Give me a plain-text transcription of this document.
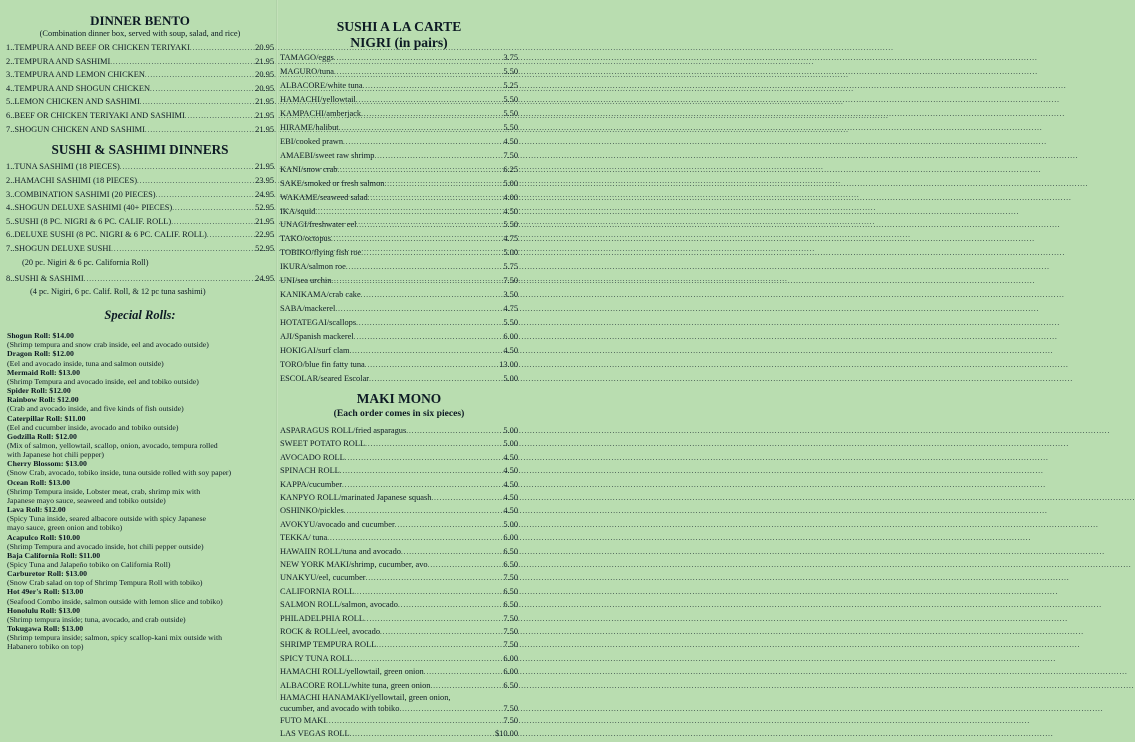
DINNER BENTO
(Combination dinner box, served with soup, salad, and rice)
1..TEMPURA AND BEEF OR CHICKEN TERIYAKI .....	20.95
2..TEMPURA AND SASHIMI .....	21.95
3..TEMPURA AND LEMON CHICKEN .....	20.95
4..TEMPURA AND SHOGUN CHICKEN .....	20.95
5..LEMON CHICKEN AND SASHIMI .....	21.95
6..BEEF OR CHICKEN TERIYAKI AND SASHIMI .....	21.95
7..SHOGUN CHICKEN AND SASHIMI .....	21.95
SUSHI & SASHIMI DINNERS
1..TUNA SASHIMI (18 PIECES) .....	21.95
2..HAMACHI SASHIMI (18 PIECES) .....	23.95
3..COMBINATION SASHIMI (20 PIECES) .....	24.95
4..SHOGUN DELUXE SASHIMI (40+ PIECES) .....	52.95
5..SUSHI (8 PC. NIGRI & 6 PC. CALIF. ROLL) .....	21.95
6..DELUXE SUSHI (8 PC. NIGRI & 6 PC. CALIF. ROLL) .....	22.95
7..SHOGUN DELUXE SUSHI .....	52.95
(20 pc. Nigiri & 6 pc. California Roll)
8..SUSHI & SASHIMI .....	24.95
(4 pc. Nigiri, 6 pc. Calif. Roll, & 12 pc tuna sashimi)
Special Rolls:
Shogun Roll: $14.00
(Shrimp tempura and snow crab inside, eel and avocado outside)
Dragon Roll: $12.00
(Eel and avocado inside, tuna and salmon outside)
Mermaid Roll: $13.00
(Shrimp Tempura and avocado inside, eel and tobiko outside)
Spider Roll: $12.00
Rainbow Roll: $12.00
(Crab and avocado inside, and five kinds of fish outside)
Caterpillar Roll: $11.00
(Eel and cucumber inside, avocado and tobiko outside)
Godzilla Roll: $12.00
(Mix of salmon, yellowtail, scallop, onion, avocado, tempura rolled
with Japanese hot chili pepper)
Cherry Blossom: $13.00
(Snow Crab, avocado, tobiko inside, tuna outside rolled with soy paper)
Ocean Roll: $13.00
(Shrimp Tempura inside, Lobster meat, crab, shrimp mix with
Japanese mayo sauce, seaweed and tobiko outside)
Lava Roll: $12.00
(Spicy Tuna inside, seared albacore outside with spicy Japanese
mayo sauce, green onion and tobiko)
Acapulco Roll: $10.00
(Shrimp Tempura and avocado inside, hot chili pepper outside)
Baja California Roll: $11.00
(Spicy Tuna and Jalapeño tobiko on California Roll)
Carburetor Roll: $13.00
(Snow Crab salad on top of Shrimp Tempura Roll with tobiko)
Hot 49er's Roll: $13.00
(Seafood Combo inside, salmon outside with lemon slice and tobiko)
Honolulu Roll: $13.00
(Shrimp tempura inside; tuna, avocado, and crab outside)
Tokugawa Roll: $13.00
(Shrimp tempura inside; salmon, spicy scallop-kani mix outside with
Habanero tobiko on top)
SUSHI A LA CARTE
NIGRI (in pairs)
TAMAGO/eggs .....	3.75
MAGURO/tuna .....	5.50
ALBACORE/white tuna .....	5.25
HAMACHI/yellowtail .....	5.50
KAMPACHI/amberjack .....	5.50
HIRAME/halibut .....	5.50
EBI/cooked prawn .....	4.50
AMAEBI/sweet raw shrimp .....	7.50
KANI/snow crab .....	6.25
SAKE/smoked or fresh salmon .....	5.00
WAKAME/seaweed salad .....	4.00
IKA/squid .....	4.50
UNAGI/freshwater eel .....	5.50
TAKO/octopus .....	4.75
TOBIKO/flying fish roe .....	5.00
IKURA/salmon roe .....	5.75
UNI/sea urchin .....	7.50
KANIKAMA/crab cake .....	3.50
SABA/mackerel .....	4.75
HOTATEGAI/scallops .....	5.50
AJI/Spanish mackerel .....	6.00
HOKIGAI/surf clam .....	4.50
TORO/blue fin fatty tuna .....	13.00
ESCOLAR/seared Escolar .....	5.00
MAKI MONO
(Each order comes in six pieces)
ASPARAGUS ROLL/fried asparagus .....	5.00
SWEET POTATO ROLL .....	5.00
AVOCADO ROLL .....	4.50
SPINACH ROLL .....	4.50
KAPPA/cucumber .....	4.50
KANPYO ROLL/marinated Japanese squash .....	4.50
OSHINKO/pickles .....	4.50
AVOKYU/avocado and cucumber .....	5.00
TEKKA/ tuna .....	6.00
HAWAIIN ROLL/tuna and avocado .....	6.50
NEW YORK MAKI/shrimp, cucumber, avo .....	6.50
UNAKYU/eel, cucumber .....	7.50
CALIFORNIA ROLL .....	6.50
SALMON ROLL/salmon, avocado .....	6.50
PHILADELPHIA ROLL .....	7.50
ROCK & ROLL/eel, avocado .....	7.50
SHRIMP TEMPURA ROLL .....	7.50
SPICY TUNA ROLL .....	6.00
HAMACHI ROLL/yellowtail, green onion .....	6.00
ALBACORE ROLL/white tuna, green onion .....	6.50
HAMACHI HANAMAKI/yellowtail, green onion,
cucumber, and avocado with tobiko .....	7.50
FUTO MAKI .....	7.50
LAS VEGAS ROLL .....	$10.00
